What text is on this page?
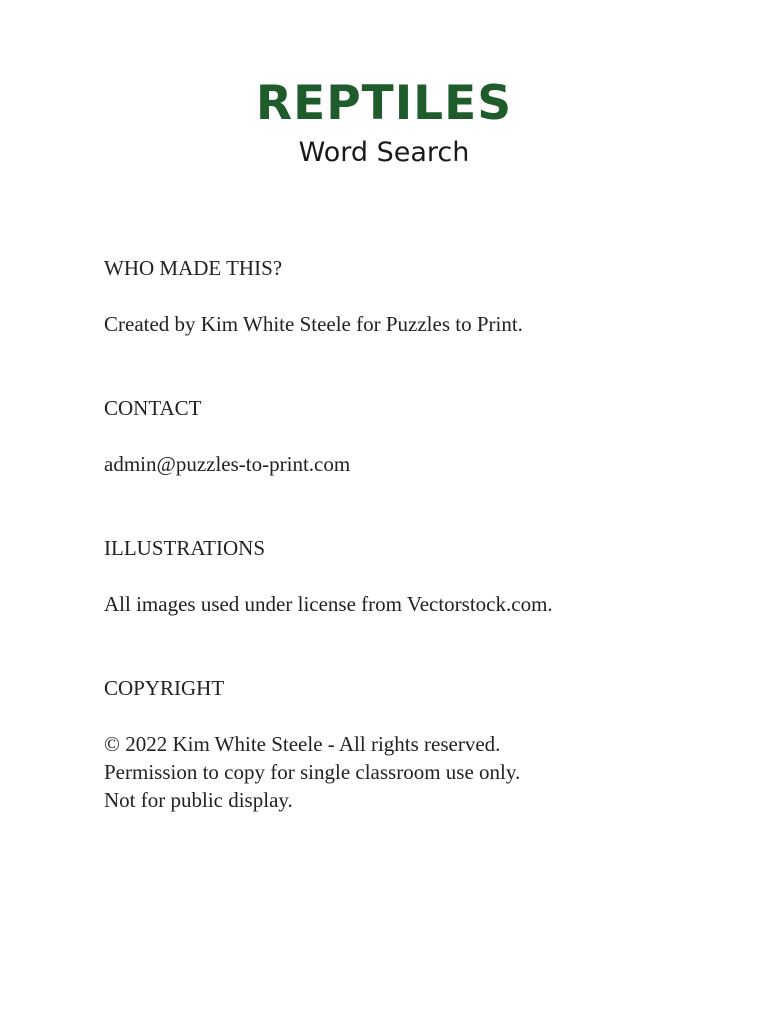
REPTILES
Word Search
WHO MADE THIS?
Created by Kim White Steele for Puzzles to Print.
CONTACT
admin@puzzles-to-print.com
ILLUSTRATIONS
All images used under license from Vectorstock.com.
COPYRIGHT
© 2022 Kim White Steele - All rights reserved.
Permission to copy for single classroom use only.
Not for public display.
